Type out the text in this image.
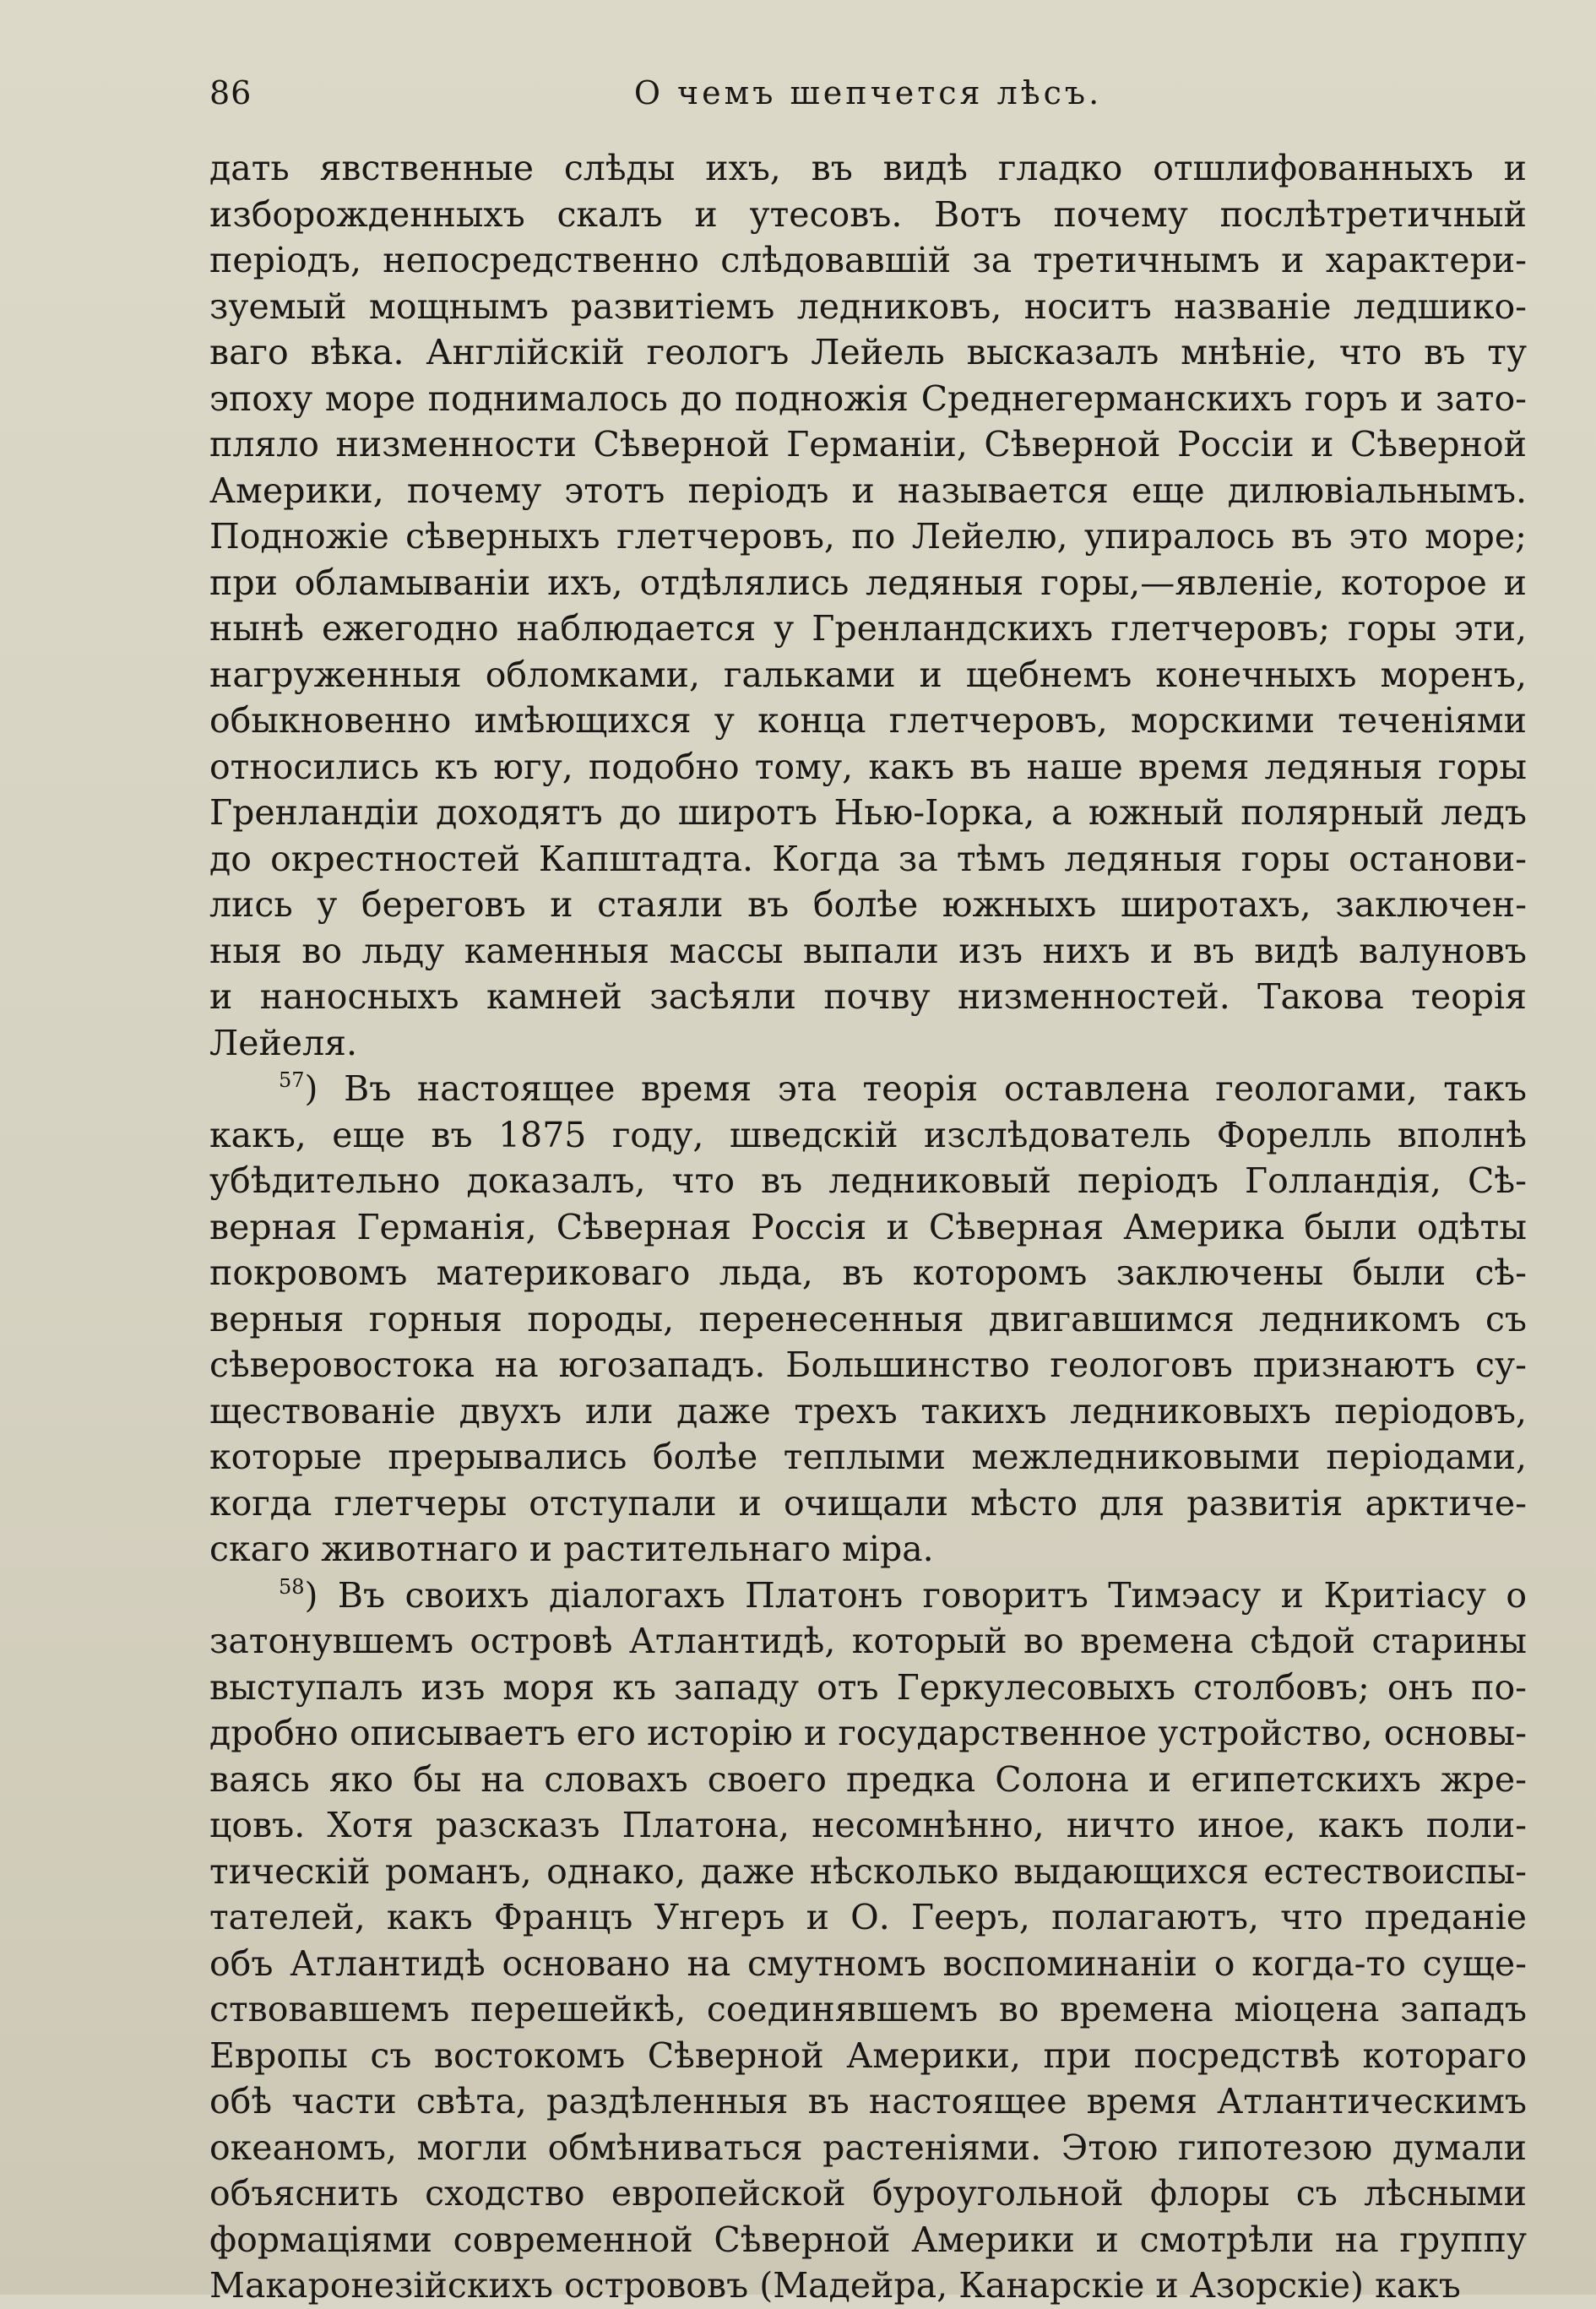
86	О чемъ шепчется лѣсъ.
дать явственные слѣды ихъ, въ видѣ гладко отшлифованныхъ и
изборожденныхъ скалъ и утесовъ. Вотъ почему послѣтретичный
періодъ, непосредственно слѣдовавшій за третичнымъ и характери-
зуемый мощнымъ развитіемъ ледниковъ, носитъ названіе ледшико-
ваго вѣка. Англійскій геологъ Лейель высказалъ мнѣніе, что въ ту
эпоху море поднималось до подножія Среднегерманскихъ горъ и зато-
пляло низменности Сѣверной Германіи, Сѣверной Россіи и Сѣверной
Америки, почему этотъ періодъ и называется еще дилювіальнымъ.
Подножіе сѣверныхъ глетчеровъ, по Лейелю, упиралось въ это море;
при обламываніи ихъ, отдѣлялись ледяныя горы,—явленіе, которое и
нынѣ ежегодно наблюдается у Гренландскихъ глетчеровъ; горы эти,
нагруженныя обломками, гальками и щебнемъ конечныхъ моренъ,
обыкновенно имѣющихся у конца глетчеровъ, морскими теченіями
относились къ югу, подобно тому, какъ въ наше время ледяныя горы
Гренландіи доходятъ до широтъ Нью-Іорка, а южный полярный ледъ
до окрестностей Капштадта. Когда за тѣмъ ледяныя горы останови-
лись у береговъ и стаяли въ болѣе южныхъ широтахъ, заключен-
ныя во льду каменныя массы выпали изъ нихъ и въ видѣ валуновъ
и наносныхъ камней засѣяли почву низменностей. Такова теорія
Лейеля.
$^{57}$) Въ настоящее время эта теорія оставлена геологами, такъ
какъ, еще въ 1875 году, шведскій изслѣдователь Форелль вполнѣ
убѣдительно доказалъ, что въ ледниковый періодъ Голландія, Сѣ-
верная Германія, Сѣверная Россія и Сѣверная Америка были одѣты
покровомъ материковаго льда, въ которомъ заключены были сѣ-
верныя горныя породы, перенесенныя двигавшимся ледникомъ съ
сѣверовостока на югозападъ. Большинство геологовъ признаютъ су-
ществованіе двухъ или даже трехъ такихъ ледниковыхъ періодовъ,
которые прерывались болѣе теплыми межледниковыми періодами,
когда глетчеры отступали и очищали мѣсто для развитія арктиче-
скаго животнаго и растительнаго міра.
$^{58}$) Въ своихъ діалогахъ Платонъ говоритъ Тимэасу и Критіасу о
затонувшемъ островѣ Атлантидѣ, который во времена сѣдой старины
выступалъ изъ моря къ западу отъ Геркулесовыхъ столбовъ; онъ по-
дробно описываетъ его исторію и государственное устройство, основы-
ваясь яко бы на словахъ своего предка Солона и египетскихъ жре-
цовъ. Хотя разсказъ Платона, несомнѣнно, ничто иное, какъ поли-
тическій романъ, однако, даже нѣсколько выдающихся естествоиспы-
тателей, какъ Францъ Унгеръ и О. Гееръ, полагаютъ, что преданіе
объ Атлантидѣ основано на смутномъ воспоминаніи о когда-то суще-
ствовавшемъ перешейкѣ, соединявшемъ во времена міоцена западъ
Европы съ востокомъ Сѣверной Америки, при посредствѣ котораго
обѣ части свѣта, раздѣленныя въ настоящее время Атлантическимъ
океаномъ, могли обмѣниваться растеніями. Этою гипотезою думали
объяснить сходство европейской буроугольной флоры съ лѣсными
формаціями современной Сѣверной Америки и смотрѣли на группу
Макаронезійскихъ острововъ (Мадейра, Канарскіе и Азорскіе) какъ
